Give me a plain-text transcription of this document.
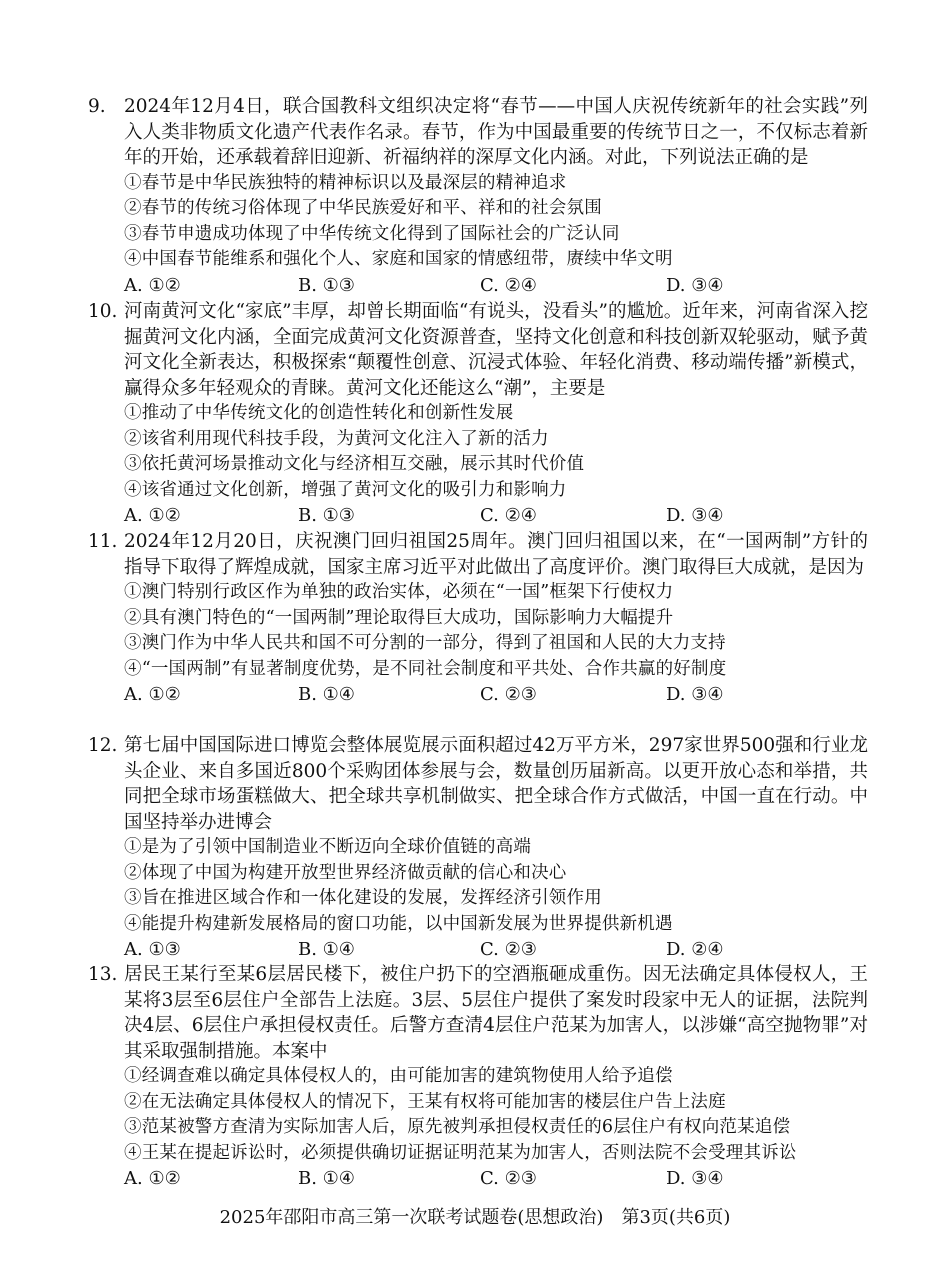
9. 2024年12月4日，联合国教科文组织决定将“春节——中国人庆祝传统新年的社会实践”列入人类非物质文化遗产代表作名录。春节，作为中国最重要的传统节日之一，不仅标志着新年的开始，还承载着辞旧迎新、祈福纳祥的深厚文化内涵。对此，下列说法正确的是
①春节是中华民族独特的精神标识以及最深层的精神追求
②春节的传统习俗体现了中华民族爱好和平、祥和的社会氛围
③春节申遗成功体现了中华传统文化得到了国际社会的广泛认同
④中国春节能维系和强化个人、家庭和国家的情感纽带，赓续中华文明
A. ①②	B. ①③	C. ②④	D. ③④
10. 河南黄河文化“家底”丰厚，却曾长期面临“有说头，没看头”的尴尬。近年来，河南省深入挖掘黄河文化内涵，全面完成黄河文化资源普查，坚持文化创意和科技创新双轮驱动，赋予黄河文化全新表达，积极探索“颠覆性创意、沉浸式体验、年轻化消费、移动端传播”新模式，赢得众多年轻观众的青睐。黄河文化还能这么“潮”，主要是
①推动了中华传统文化的创造性转化和创新性发展
②该省利用现代科技手段，为黄河文化注入了新的活力
③依托黄河场景推动文化与经济相互交融，展示其时代价值
④该省通过文化创新，增强了黄河文化的吸引力和影响力
A. ①②	B. ①③	C. ②④	D. ③④
11. 2024年12月20日，庆祝澳门回归祖国25周年。澳门回归祖国以来，在“一国两制”方针的指导下取得了辉煌成就，国家主席习近平对此做出了高度评价。澳门取得巨大成就，是因为
①澳门特别行政区作为单独的政治实体，必须在“一国”框架下行使权力
②具有澳门特色的“一国两制”理论取得巨大成功，国际影响力大幅提升
③澳门作为中华人民共和国不可分割的一部分，得到了祖国和人民的大力支持
④“一国两制”有显著制度优势，是不同社会制度和平共处、合作共赢的好制度
A. ①②	B. ①④	C. ②③	D. ③④
12. 第七届中国国际进口博览会整体展览展示面积超过42万平方米，297家世界500强和行业龙头企业、来自多国近800个采购团体参展与会，数量创历届新高。以更开放心态和举措，共同把全球市场蛋糕做大、把全球共享机制做实、把全球合作方式做活，中国一直在行动。中国坚持举办进博会
①是为了引领中国制造业不断迈向全球价值链的高端
②体现了中国为构建开放型世界经济做贡献的信心和决心
③旨在推进区域合作和一体化建设的发展，发挥经济引领作用
④能提升构建新发展格局的窗口功能，以中国新发展为世界提供新机遇
A. ①③	B. ①④	C. ②③	D. ②④
13. 居民王某行至某6层居民楼下，被住户扔下的空酒瓶砸成重伤。因无法确定具体侵权人，王某将3层至6层住户全部告上法庭。3层、5层住户提供了案发时段家中无人的证据，法院判决4层、6层住户承担侵权责任。后警方查清4层住户范某为加害人，以涉嫌“高空抛物罪”对其采取强制措施。本案中
①经调查难以确定具体侵权人的，由可能加害的建筑物使用人给予追偿
②在无法确定具体侵权人的情况下，王某有权将可能加害的楼层住户告上法庭
③范某被警方查清为实际加害人后，原先被判承担侵权责任的6层住户有权向范某追偿
④王某在提起诉讼时，必须提供确切证据证明范某为加害人，否则法院不会受理其诉讼
A. ①②	B. ①④	C. ②③	D. ③④
2025年邵阳市高三第一次联考试题卷(思想政治)　第3页(共6页)
